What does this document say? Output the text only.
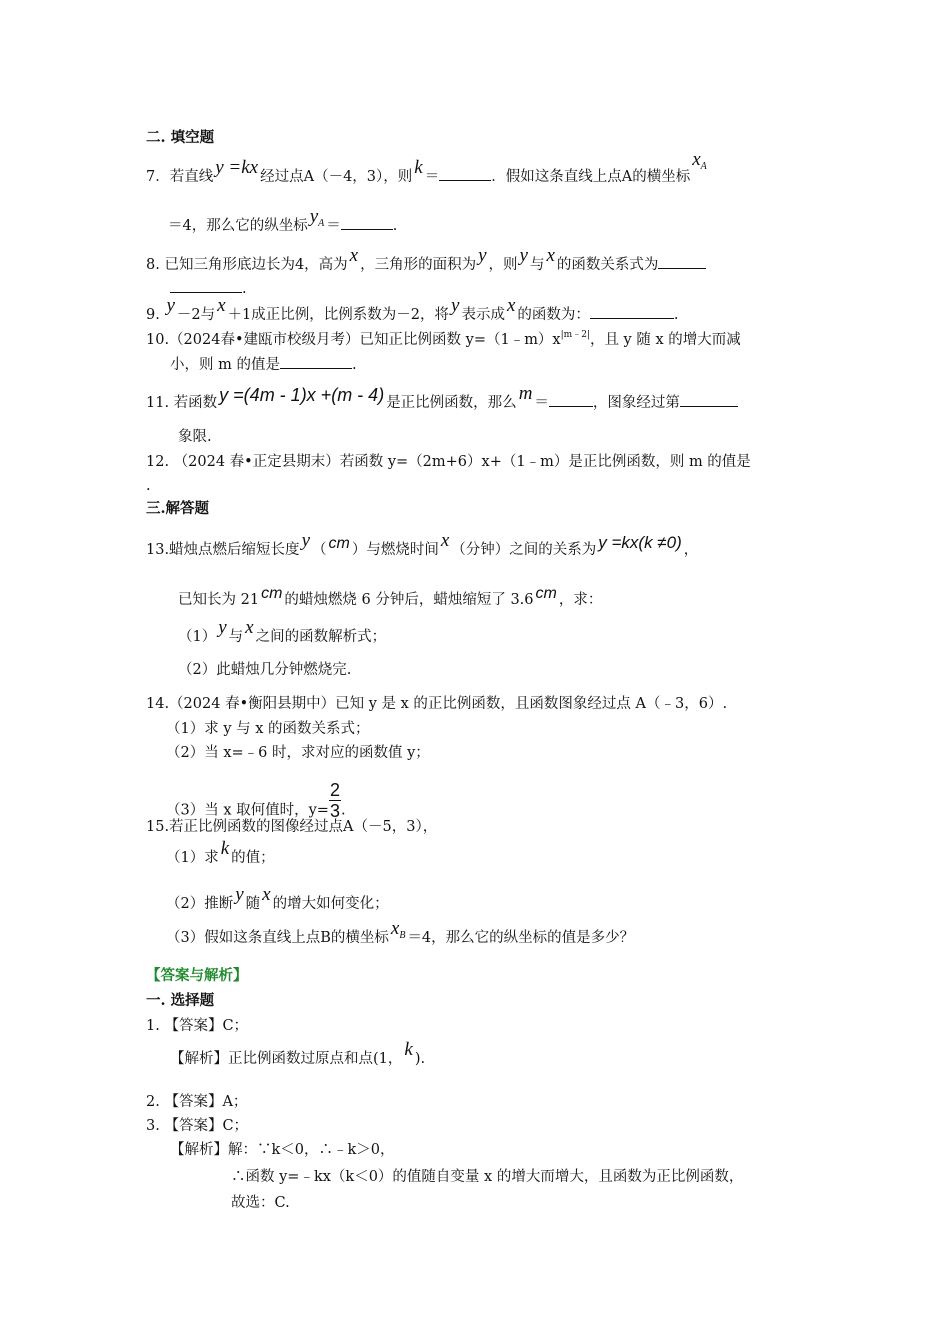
二. 填空题
7．若直线 y =kx 经过点A（－4，3），则 k ＝	．假如这条直线上点A的横坐标$x_A$
＝4，那么它的纵坐标 $y_A$ ＝	.
8. 已知三角形底边长为4，高为 x ，三角形的面积为 y ，则 y 与 x 的函数关系式为
.
9. y －2与 x ＋1成正比例，比例系数为－2，将 y 表示成 x 的函数为：	.
10.（2024春•建瓯市校级月考）已知正比例函数 $y=(1﹣m)x^{|m﹣2|}$，且 y 随 x 的增大而减
小，则 m 的值是	.
11. 若函数 y =(4m - 1)x +(m - 4) 是正比例函数，那么 m ＝	，图象经过第
象限.
12. （2024 春•正定县期末）若函数 y=（2m+6）x+（1﹣m）是正比例函数，则 m 的值是
.
三.解答题
13.蜡烛点燃后缩短长度 y （ cm ）与燃烧时间 x （分钟）之间的关系为 y =kx(k ≠0) ，
已知长为 21 cm 的蜡烛燃烧 6 分钟后，蜡烛缩短了 3.6 cm ，求：
（1） y 与 x 之间的函数解析式；
（2）此蜡烛几分钟燃烧完.
14.（2024 春•衡阳县期中）已知 y 是 x 的正比例函数，且函数图象经过点 A（﹣3，6）.
（1）求 y 与 x 的函数关系式；
（2）当 x=﹣6 时，求对应的函数值 y；
（3）当 x 取何值时，$y= \frac{2}{3}$ .
15.若正比例函数的图像经过点A（－5，3），
（1）求 k 的值；
（2）推断 y 随 x 的增大如何变化；
（3）假如这条直线上点B的横坐标 $x_B =4$，那么它的纵坐标的值是多少？
【答案与解析】
一. 选择题
1. 【答案】C；
【解析】正比例函数过原点和点(1， k ).
2. 【答案】A；
3. 【答案】C；
【解析】解：∵k＜0，∴﹣k＞0，
∴函数 y=﹣kx（k＜0）的值随自变量 x 的增大而增大，且函数为正比例函数，
故选：C.
